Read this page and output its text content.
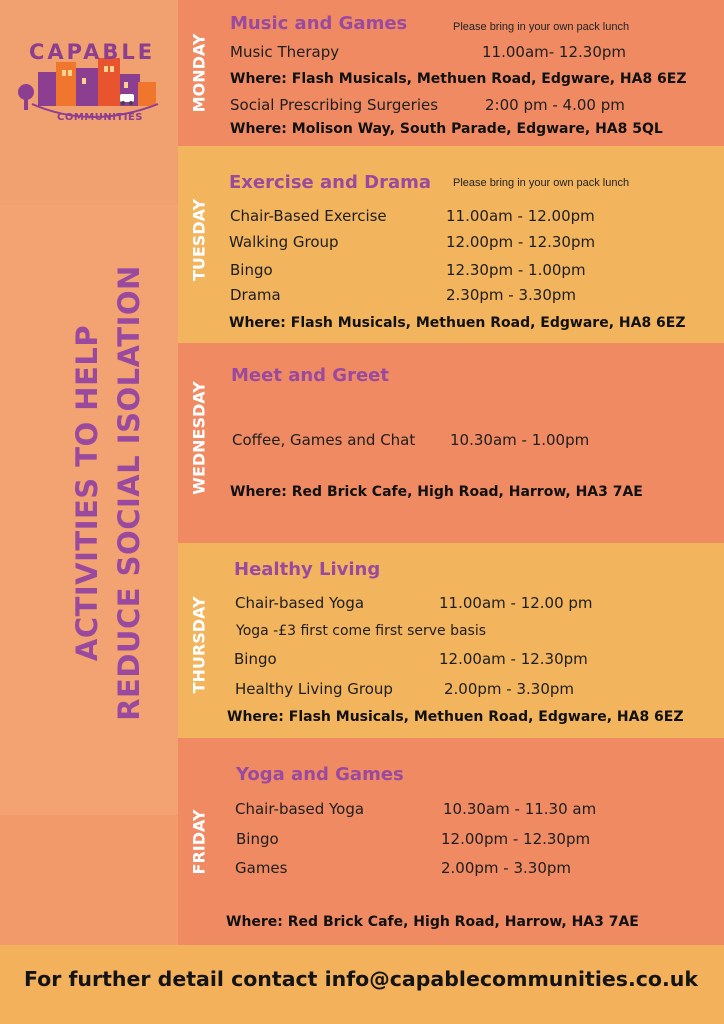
CAPABLE
COMMUNITIES
ACTIVITIES TO HELP REDUCE SOCIAL ISOLATION
MONDAY
Music and Games	Please bring in your own pack lunch
Music Therapy	11.00am- 12.30pm
Where: Flash Musicals, Methuen Road, Edgware, HA8 6EZ
Social Prescribing Surgeries	2:00 pm - 4.00 pm
Where: Molison Way, South Parade, Edgware, HA8 5QL
TUESDAY
Exercise and Drama Please bring in your own pack lunch
Chair-Based Exercise	11.00am - 12.00pm
Walking Group	12.00pm - 12.30pm
Bingo	12.30pm - 1.00pm
Drama	2.30pm - 3.30pm
Where: Flash Musicals, Methuen Road, Edgware, HA8 6EZ
WEDNESDAY
Meet and Greet
Coffee, Games and Chat 10.30am - 1.00pm
Where: Red Brick Cafe, High Road, Harrow, HA3 7AE
THURSDAY
Healthy Living
Chair-based Yoga	11.00am - 12.00 pm
Yoga -£3 first come first serve basis
Bingo	12.00am - 12.30pm
Healthy Living Group	2.00pm - 3.30pm
Where: Flash Musicals, Methuen Road, Edgware, HA8 6EZ
FRIDAY
Yoga and Games
Chair-based Yoga	10.30am - 11.30 am
Bingo	12.00pm - 12.30pm
Games	2.00pm - 3.30pm
Where: Red Brick Cafe, High Road, Harrow, HA3 7AE
For further detail contact info@capablecommunities.co.uk
